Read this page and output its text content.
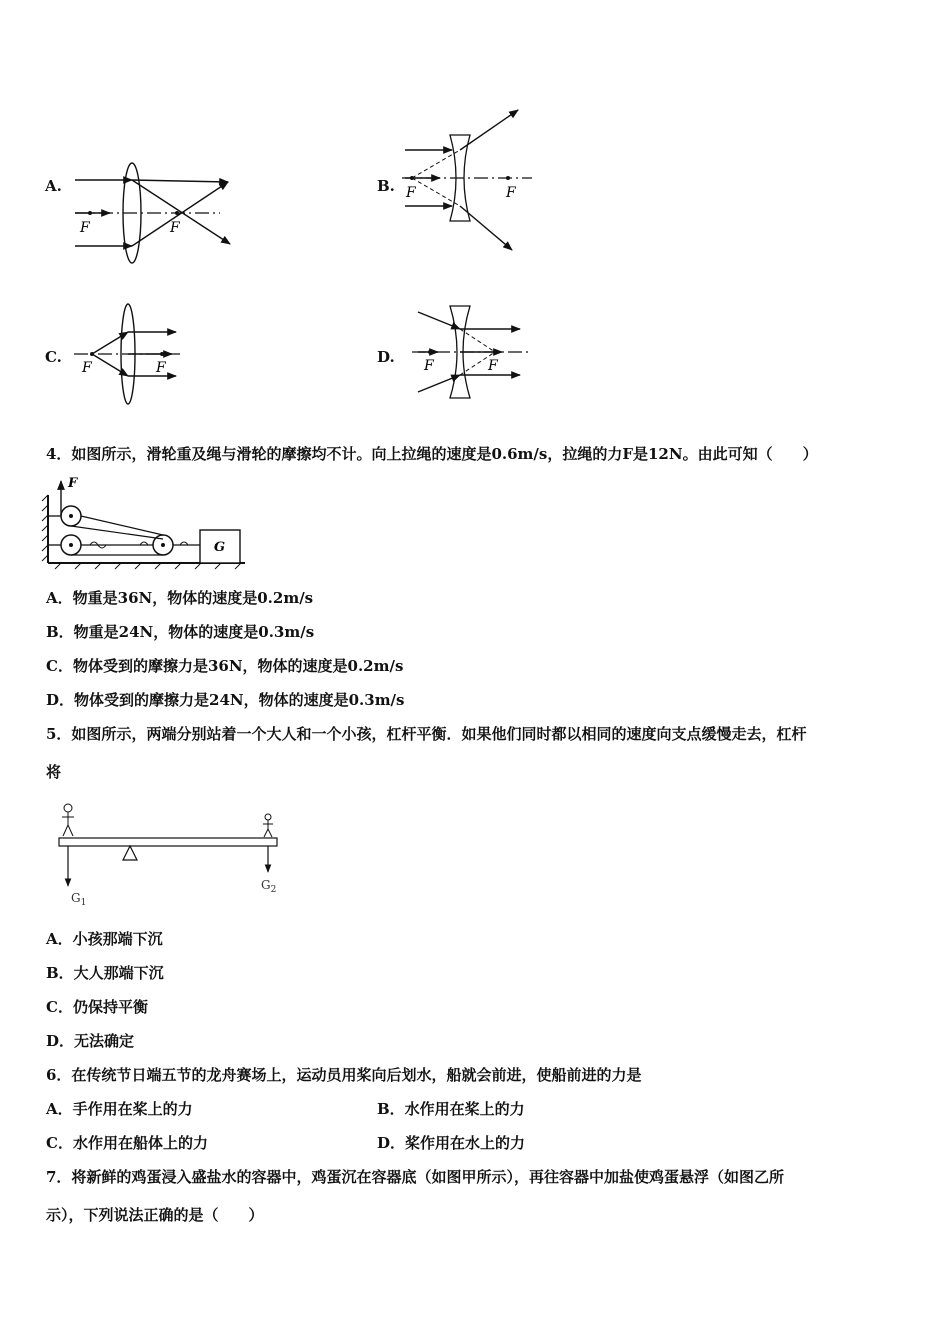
A.
F	F
B. F	F
C.
F	F
D. F	F
4．如图所示，滑轮重及绳与滑轮的摩擦均不计。向上拉绳的速度是0.6m/s，拉绳的力F是12N。由此可知（　　）
F
G
A．物重是36N，物体的速度是0.2m/s
B．物重是24N，物体的速度是0.3m/s
C．物体受到的摩擦力是36N，物体的速度是0.2m/s
D．物体受到的摩擦力是24N，物体的速度是0.3m/s
5．如图所示，两端分别站着一个大人和一个小孩，杠杆平衡．如果他们同时都以相同的速度向支点缓慢走去，杠杆
将
$G_1$
$G_2$
A．小孩那端下沉
B．大人那端下沉
C．仍保持平衡
D．无法确定
6．在传统节日端五节的龙舟赛场上，运动员用桨向后划水，船就会前进，使船前进的力是
A．手作用在桨上的力	B．水作用在桨上的力
C．水作用在船体上的力	D．桨作用在水上的力
7．将新鲜的鸡蛋浸入盛盐水的容器中，鸡蛋沉在容器底（如图甲所示），再往容器中加盐使鸡蛋悬浮（如图乙所
示），下列说法正确的是（　　）
